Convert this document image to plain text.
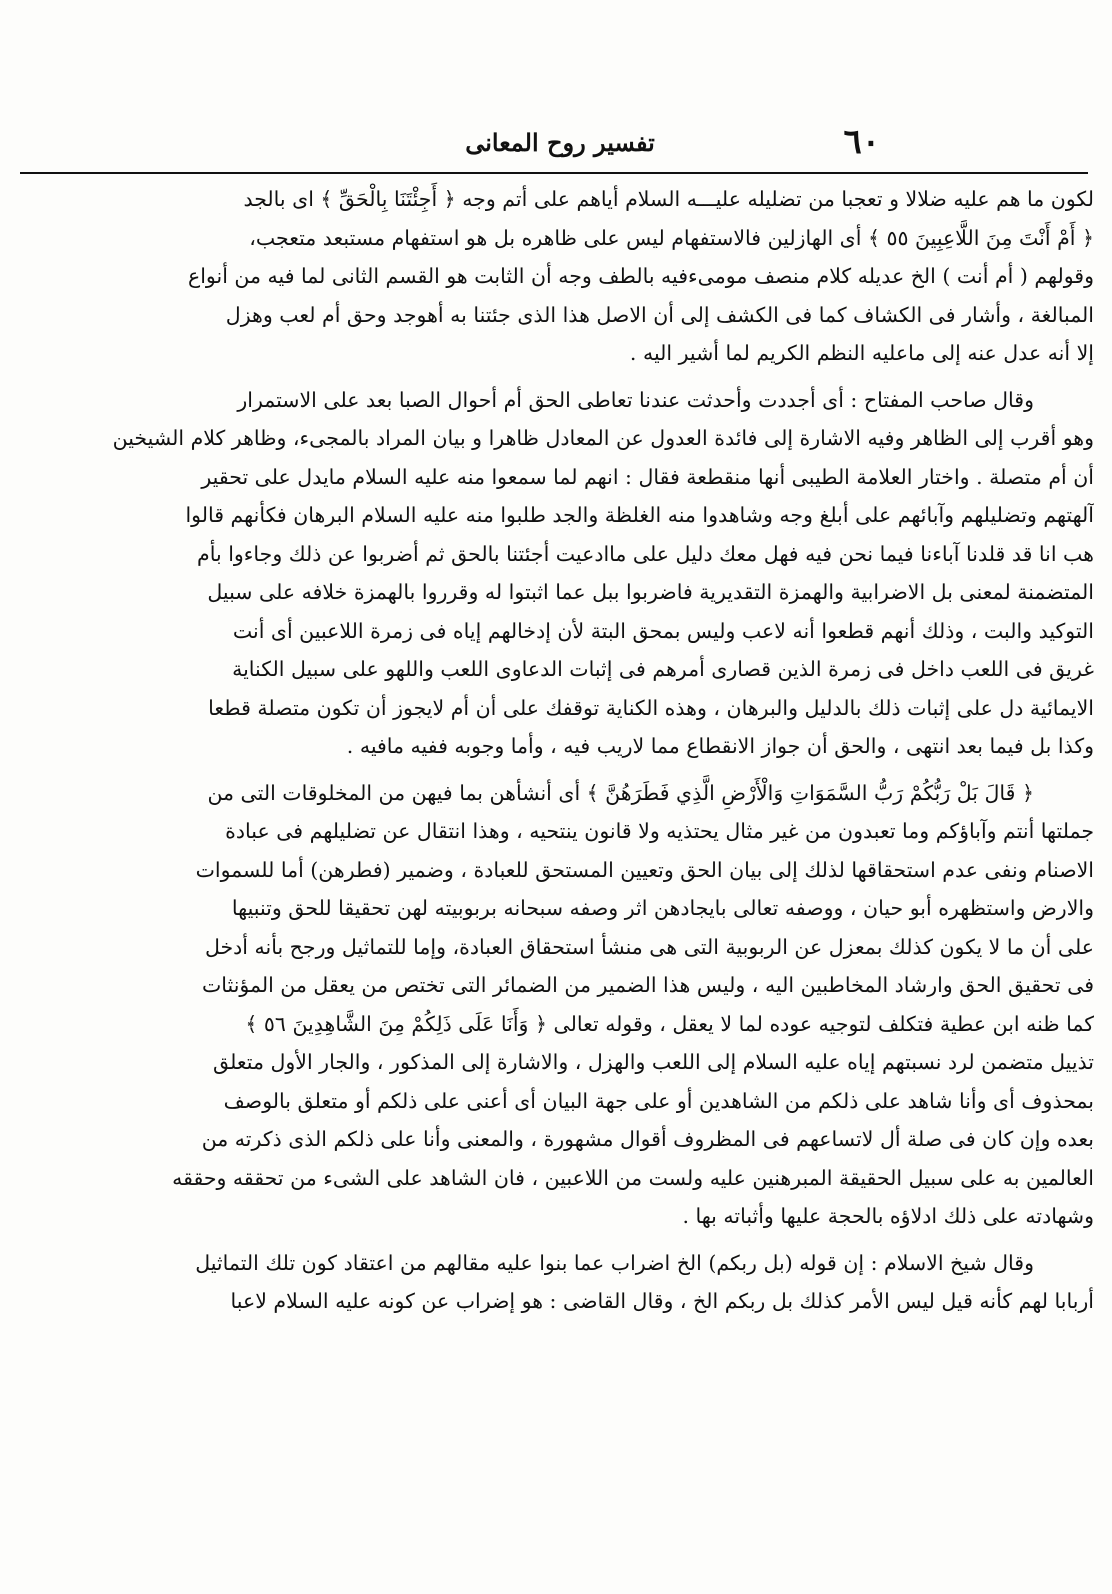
٦٠
تفسير روح المعانى
لكون ما هم عليه ضلالا و تعجبا من تضليله عليـــه السلام أياهم على أتم وجه ﴿ أَجِئْتَنَا بِالْحَقِّ ﴾ اى بالجد
﴿ أَمْ أَنْتَ مِنَ اللَّاعِبِينَ ٥٥ ﴾ أى الهازلين فالاستفهام ليس على ظاهره بل هو استفهام مستبعد متعجب،
وقولهم ( أم أنت ) الخ عديله كلام منصف مومىءفيه بالطف وجه أن الثابت هو القسم الثانى لما فيه من أنواع
المبالغة ، وأشار فى الكشاف كما فى الكشف إلى أن الاصل هذا الذى جئتنا به أهوجد وحق أم لعب وهزل
إلا أنه عدل عنه إلى ماعليه النظم الكريم لما أشير اليه .
وقال صاحب المفتاح : أى أجددت وأحدثت عندنا تعاطى الحق أم أحوال الصبا بعد على الاستمرار
وهو أقرب إلى الظاهر وفيه الاشارة إلى فائدة العدول عن المعادل ظاهرا و بيان المراد بالمجىء، وظاهر كلام الشيخين
أن أم متصلة . واختار العلامة الطيبى أنها منقطعة فقال : انهم لما سمعوا منه عليه السلام مايدل على تحقير
آلهتهم وتضليلهم وآبائهم على أبلغ وجه وشاهدوا منه الغلظة والجد طلبوا منه عليه السلام البرهان فكأنهم قالوا
هب انا قد قلدنا آباءنا فيما نحن فيه فهل معك دليل على ماادعيت أجئتنا بالحق ثم أضربوا عن ذلك وجاءوا بأم
المتضمنة لمعنى بل الاضرابية والهمزة التقديرية فاضربوا ببل عما اثبتوا له وقرروا بالهمزة خلافه على سبيل
التوكيد والبت ، وذلك أنهم قطعوا أنه لاعب وليس بمحق البتة لأن إدخالهم إياه فى زمرة اللاعبين أى أنت
غريق فى اللعب داخل فى زمرة الذين قصارى أمرهم فى إثبات الدعاوى اللعب واللهو على سبيل الكناية
الايمائية دل على إثبات ذلك بالدليل والبرهان ، وهذه الكناية توقفك على أن أم لايجوز أن تكون متصلة قطعا
وكذا بل فيما بعد انتهى ، والحق أن جواز الانقطاع مما لاريب فيه ، وأما وجوبه ففيه مافيه .
﴿ قَالَ بَلْ رَبُّكُمْ رَبُّ السَّمَوَاتِ وَالْأَرْضِ الَّذِي فَطَرَهُنَّ ﴾ أى أنشأهن بما فيهن من المخلوقات التى من
جملتها أنتم وآباؤكم وما تعبدون من غير مثال يحتذيه ولا قانون ينتحيه ، وهذا انتقال عن تضليلهم فى عبادة
الاصنام ونفى عدم استحقاقها لذلك إلى بيان الحق وتعيين المستحق للعبادة ، وضمير (فطرهن) أما للسموات
والارض واستظهره أبو حيان ، ووصفه تعالى بايجادهن اثر وصفه سبحانه بربوبيته لهن تحقيقا للحق وتنبيها
على أن ما لا يكون كذلك بمعزل عن الربوبية التى هى منشأ استحقاق العبادة، وإما للتماثيل ورجح بأنه أدخل
فى تحقيق الحق وارشاد المخاطبين اليه ، وليس هذا الضمير من الضمائر التى تختص من يعقل من المؤنثات
كما ظنه ابن عطية فتكلف لتوجيه عوده لما لا يعقل ، وقوله تعالى ﴿ وَأَنَا عَلَى ذَلِكُمْ مِنَ الشَّاهِدِينَ ٥٦ ﴾
تذييل متضمن لرد نسبتهم إياه عليه السلام إلى اللعب والهزل ، والاشارة إلى المذكور ، والجار الأول متعلق
بمحذوف أى وأنا شاهد على ذلكم من الشاهدين أو على جهة البيان أى أعنى على ذلكم أو متعلق بالوصف
بعده وإن كان فى صلة أل لاتساعهم فى المظروف أقوال مشهورة ، والمعنى وأنا على ذلكم الذى ذكرته من
العالمين به على سبيل الحقيقة المبرهنين عليه ولست من اللاعبين ، فان الشاهد على الشىء من تحققه وحققه
وشهادته على ذلك ادلاؤه بالحجة عليها وأثباته بها .
وقال شيخ الاسلام : إن قوله (بل ربكم) الخ اضراب عما بنوا عليه مقالهم من اعتقاد كون تلك التماثيل
أربابا لهم كأنه قيل ليس الأمر كذلك بل ربكم الخ ، وقال القاضى : هو إضراب عن كونه عليه السلام لاعبا
